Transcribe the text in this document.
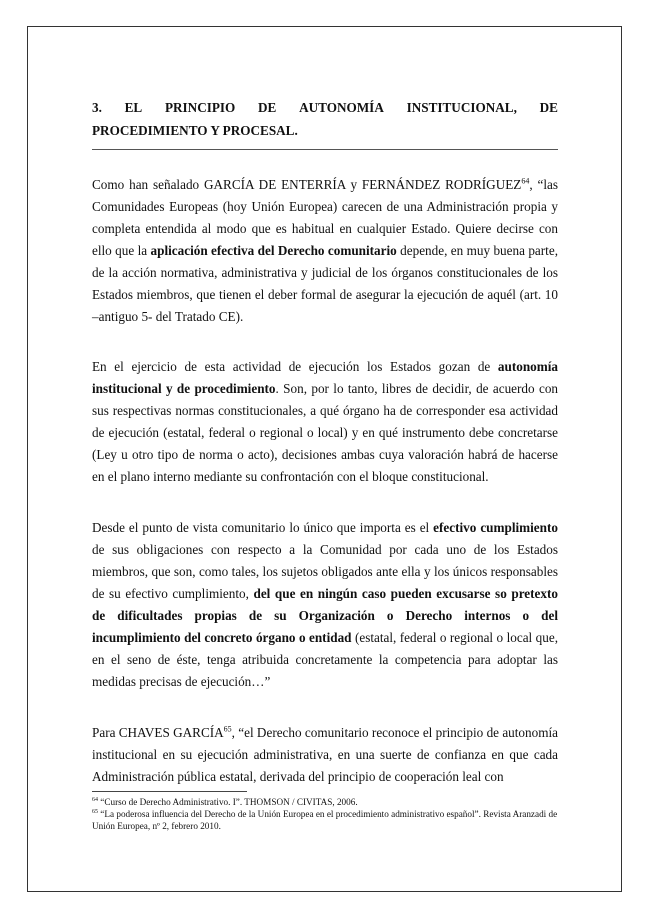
3. EL PRINCIPIO DE AUTONOMÍA INSTITUCIONAL, DE
PROCEDIMIENTO Y PROCESAL.

Como han señalado GARCÍA DE ENTERRÍA y FERNÁNDEZ RODRÍGUEZ$^{64}$, “las Comunidades Europeas (hoy Unión Europea) carecen de una Administración propia y completa entendida al modo que es habitual en cualquier Estado. Quiere decirse con ello que la aplicación efectiva del Derecho comunitario depende, en muy buena parte, de la acción normativa, administrativa y judicial de los órganos constitucionales de los Estados miembros, que tienen el deber formal de asegurar la ejecución de aquél (art. 10 –antiguo 5- del Tratado CE).

En el ejercicio de esta actividad de ejecución los Estados gozan de autonomía institucional y de procedimiento. Son, por lo tanto, libres de decidir, de acuerdo con sus respectivas normas constitucionales, a qué órgano ha de corresponder esa actividad de ejecución (estatal, federal o regional o local) y en qué instrumento debe concretarse (Ley u otro tipo de norma o acto), decisiones ambas cuya valoración habrá de hacerse en el plano interno mediante su confrontación con el bloque constitucional.

Desde el punto de vista comunitario lo único que importa es el efectivo cumplimiento de sus obligaciones con respecto a la Comunidad por cada uno de los Estados miembros, que son, como tales, los sujetos obligados ante ella y los únicos responsables de su efectivo cumplimiento, del que en ningún caso pueden excusarse so pretexto de dificultades propias de su Organización o Derecho internos o del incumplimiento del concreto órgano o entidad (estatal, federal o regional o local que, en el seno de éste, tenga atribuida concretamente la competencia para adoptar las medidas precisas de ejecución…”

Para CHAVES GARCÍA$^{65}$, “el Derecho comunitario reconoce el principio de autonomía institucional en su ejecución administrativa, en una suerte de confianza en que cada Administración pública estatal, derivada del principio de cooperación leal con

$^{64}$ “Curso de Derecho Administrativo. I”. THOMSON / CIVITAS, 2006.

$^{65}$ “La poderosa influencia del Derecho de la Unión Europea en el procedimiento administrativo español”. Revista Aranzadi de Unión Europea, nº 2, febrero 2010.
